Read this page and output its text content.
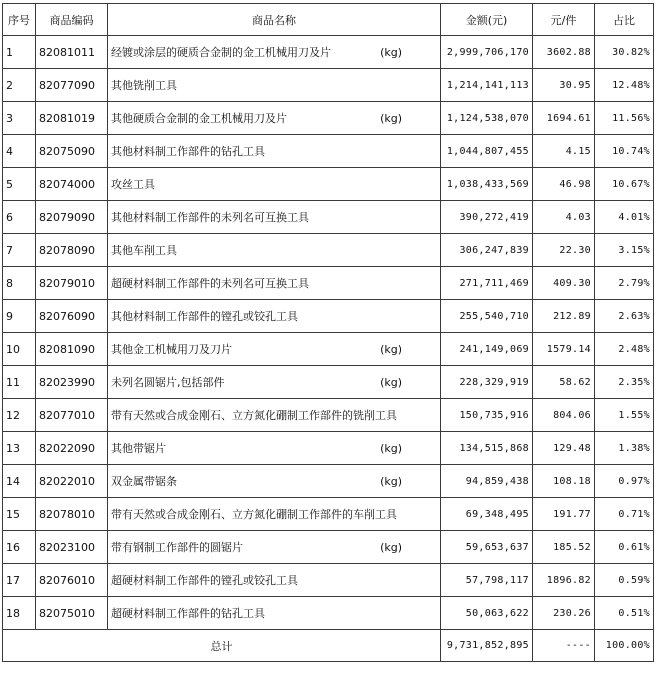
序号	商品编码	商品名称	金额(元)	元/件	占比
1	82081011	经镀或涂层的硬质合金制的金工机械用刀及片 (kg)	2,999,706,170	3602.88	30.82%
2	82077090	其他铣削工具	1,214,141,113	30.95	12.48%
3	82081019	其他硬质合金制的金工机械用刀及片 (kg)	1,124,538,070	1694.61	11.56%
4	82075090	其他材料制工作部件的钻孔工具	1,044,807,455	4.15	10.74%
5	82074000	攻丝工具	1,038,433,569	46.98	10.67%
6	82079090	其他材料制工作部件的未列名可互换工具	390,272,419	4.03	4.01%
7	82078090	其他车削工具	306,247,839	22.30	3.15%
8	82079010	超硬材料制工作部件的未列名可互换工具	271,711,469	409.30	2.79%
9	82076090	其他材料制工作部件的镗孔或铰孔工具	255,540,710	212.89	2.63%
10	82081090	其他金工机械用刀及刀片 (kg)	241,149,069	1579.14	2.48%
11	82023990	未列名圆锯片,包括部件 (kg)	228,329,919	58.62	2.35%
12	82077010	带有天然或合成金刚石、立方氮化硼制工作部件的铣削工具	150,735,916	804.06	1.55%
13	82022090	其他带锯片 (kg)	134,515,868	129.48	1.38%
14	82022010	双金属带锯条 (kg)	94,859,438	108.18	0.97%
15	82078010	带有天然或合成金刚石、立方氮化硼制工作部件的车削工具	69,348,495	191.77	0.71%
16	82023100	带有钢制工作部件的圆锯片 (kg)	59,653,637	185.52	0.61%
17	82076010	超硬材料制工作部件的镗孔或铰孔工具	57,798,117	1896.82	0.59%
18	82075010	超硬材料制工作部件的钻孔工具	50,063,622	230.26	0.51%
总计			9,731,852,895	----	100.00%
